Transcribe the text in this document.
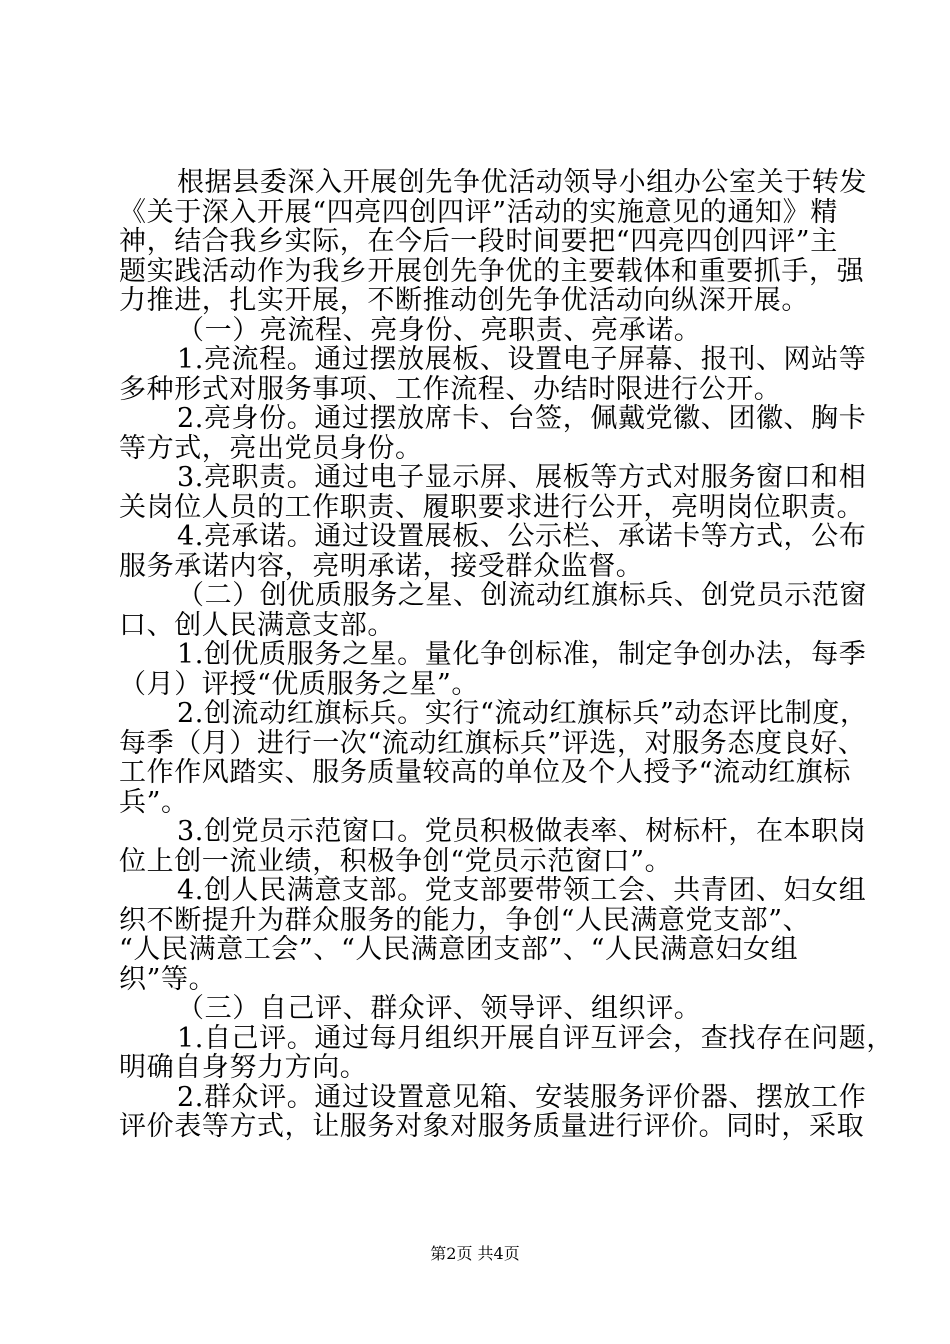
根据县委深入开展创先争优活动领导小组办公室关于转发
《关于深入开展“四亮四创四评”活动的实施意见的通知》精
神，结合我乡实际，在今后一段时间要把“四亮四创四评”主
题实践活动作为我乡开展创先争优的主要载体和重要抓手，强
力推进，扎实开展，不断推动创先争优活动向纵深开展。
（一）亮流程、亮身份、亮职责、亮承诺。
1.亮流程。通过摆放展板、设置电子屏幕、报刊、网站等
多种形式对服务事项、工作流程、办结时限进行公开。
2.亮身份。通过摆放席卡、台签，佩戴党徽、团徽、胸卡
等方式，亮出党员身份。
3.亮职责。通过电子显示屏、展板等方式对服务窗口和相
关岗位人员的工作职责、履职要求进行公开，亮明岗位职责。
4.亮承诺。通过设置展板、公示栏、承诺卡等方式，公布
服务承诺内容，亮明承诺，接受群众监督。
（二）创优质服务之星、创流动红旗标兵、创党员示范窗
口、创人民满意支部。
1.创优质服务之星。量化争创标准，制定争创办法，每季
（月）评授“优质服务之星”。
2.创流动红旗标兵。实行“流动红旗标兵”动态评比制度，
每季（月）进行一次“流动红旗标兵”评选，对服务态度良好、
工作作风踏实、服务质量较高的单位及个人授予“流动红旗标
兵”。
3.创党员示范窗口。党员积极做表率、树标杆，在本职岗
位上创一流业绩，积极争创“党员示范窗口”。
4.创人民满意支部。党支部要带领工会、共青团、妇女组
织不断提升为群众服务的能力，争创“人民满意党支部”、
“人民满意工会”、“人民满意团支部”、“人民满意妇女组
织”等。
（三）自己评、群众评、领导评、组织评。
1.自己评。通过每月组织开展自评互评会，查找存在问题，
明确自身努力方向。
2.群众评。通过设置意见箱、安装服务评价器、摆放工作
评价表等方式，让服务对象对服务质量进行评价。同时，采取
第2页 共4页
